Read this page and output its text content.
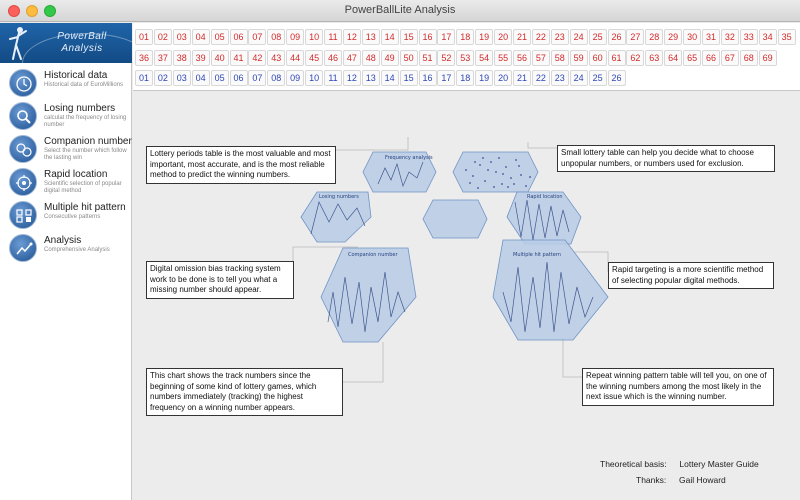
PowerBallLite Analysis
PowerBall
Analysis
Historical data
Historical data of EuroMillions
Losing numbers
calculat the frequency of losing number
Companion number
Select the number which follow the lasting win
Rapid location
Scientific selection of popular digital method
Multiple hit pattern
Consecutive patterns
Analysis
Comprehensive Analysis
01 02 03 04 05 06 07 08 09 10	11	12 13 14 15 16 17 18 19 20 21 22 23 24 25 26 27 28 29 30 31 32 33 34 35
36 37 38 39 40 41 42 43 44 45 46 47 48 49 50 51 52 53 54 55 56 57 58 59 60 61 62 63 64 65 66 67 68 69
01 02 03 04 05 06 07 08 09 10	11	12 13 14 15 16 17 18 19 20 21 22 23 24 25 26
Frequency analysis
Losing numbers	Rapid location
Companion number	Multiple hit pattern
Lottery periods table is the most valuable and most important, most accurate, and is the most reliable method to predict the winning numbers.
Small lottery table can help you decide what to choose unpopular numbers, or numbers used for exclusion.
Digital omission bias tracking system work to be done is to tell you what a missing number should appear.
Rapid targeting is a more scientific method of selecting popular digital methods.
This chart shows the track numbers since the beginning of some kind of lottery games, which numbers immediately (tracking) the highest frequency on a winning number appears.
Repeat winning pattern table will tell you, on one of the winning numbers among the most likely in the next issue which is the winning number.
Theoretical basis: Lottery Master Guide
Thanks: Gail Howard
